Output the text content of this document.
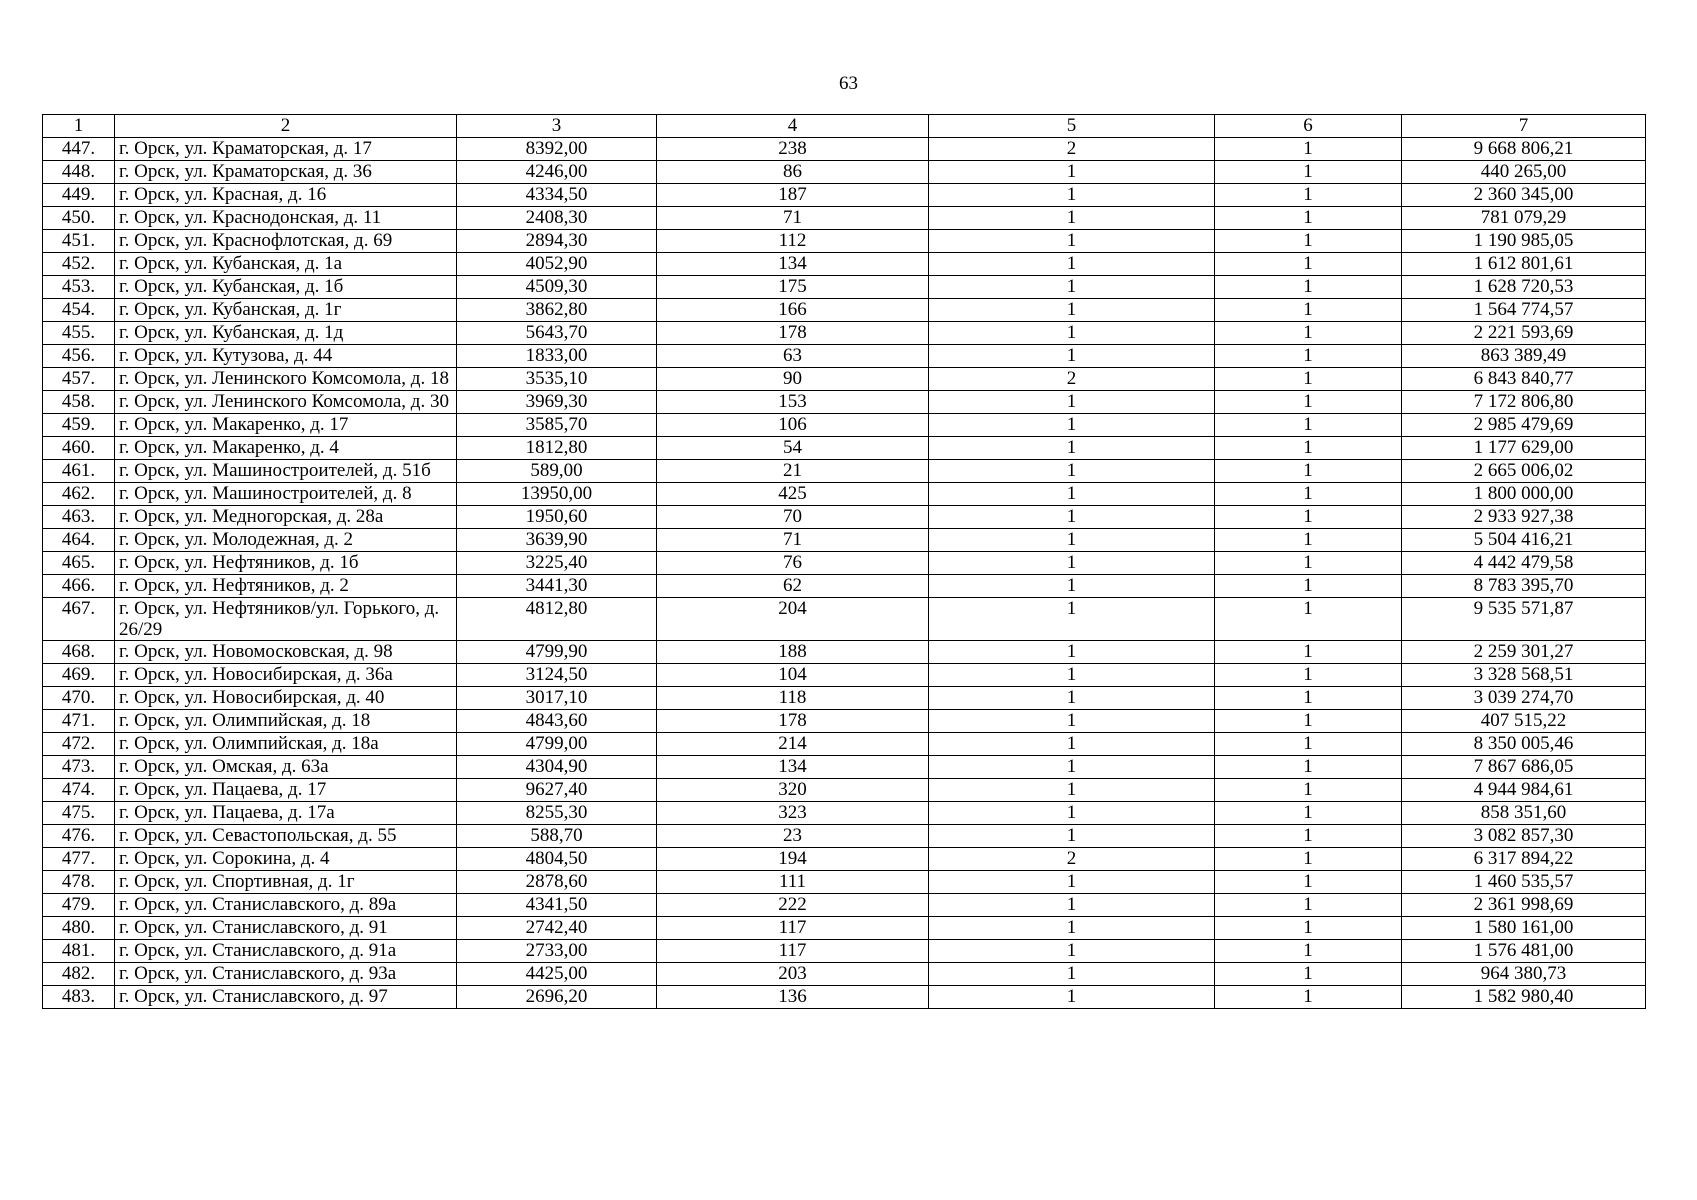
63
1	2	3	4	5	6	7
447.	г. Орск, ул. Краматорская, д. 17	8392,00	238	2	1	9 668 806,21
448.	г. Орск, ул. Краматорская, д. 36	4246,00	86	1	1	440 265,00
449.	г. Орск, ул. Красная, д. 16	4334,50	187	1	1	2 360 345,00
450.	г. Орск, ул. Краснодонская, д. 11	2408,30	71	1	1	781 079,29
451.	г. Орск, ул. Краснофлотская, д. 69	2894,30	112	1	1	1 190 985,05
452.	г. Орск, ул. Кубанская, д. 1а	4052,90	134	1	1	1 612 801,61
453.	г. Орск, ул. Кубанская, д. 1б	4509,30	175	1	1	1 628 720,53
454.	г. Орск, ул. Кубанская, д. 1г	3862,80	166	1	1	1 564 774,57
455.	г. Орск, ул. Кубанская, д. 1д	5643,70	178	1	1	2 221 593,69
456.	г. Орск, ул. Кутузова, д. 44	1833,00	63	1	1	863 389,49
457.	г. Орск, ул. Ленинского Комсомола, д. 18	3535,10	90	2	1	6 843 840,77
458.	г. Орск, ул. Ленинского Комсомола, д. 30	3969,30	153	1	1	7 172 806,80
459.	г. Орск, ул. Макаренко, д. 17	3585,70	106	1	1	2 985 479,69
460.	г. Орск, ул. Макаренко, д. 4	1812,80	54	1	1	1 177 629,00
461.	г. Орск, ул. Машиностроителей, д. 51б	589,00	21	1	1	2 665 006,02
462.	г. Орск, ул. Машиностроителей, д. 8	13950,00	425	1	1	1 800 000,00
463.	г. Орск, ул. Медногорская, д. 28а	1950,60	70	1	1	2 933 927,38
464.	г. Орск, ул. Молодежная, д. 2	3639,90	71	1	1	5 504 416,21
465.	г. Орск, ул. Нефтяников, д. 1б	3225,40	76	1	1	4 442 479,58
466.	г. Орск, ул. Нефтяников, д. 2	3441,30	62	1	1	8 783 395,70
467.	г. Орск, ул. Нефтяников/ул. Горького, д. 26/29	4812,80	204	1	1	9 535 571,87
468.	г. Орск, ул. Новомосковская, д. 98	4799,90	188	1	1	2 259 301,27
469.	г. Орск, ул. Новосибирская, д. 36а	3124,50	104	1	1	3 328 568,51
470.	г. Орск, ул. Новосибирская, д. 40	3017,10	118	1	1	3 039 274,70
471.	г. Орск, ул. Олимпийская, д. 18	4843,60	178	1	1	407 515,22
472.	г. Орск, ул. Олимпийская, д. 18а	4799,00	214	1	1	8 350 005,46
473.	г. Орск, ул. Омская, д. 63а	4304,90	134	1	1	7 867 686,05
474.	г. Орск, ул. Пацаева, д. 17	9627,40	320	1	1	4 944 984,61
475.	г. Орск, ул. Пацаева, д. 17а	8255,30	323	1	1	858 351,60
476.	г. Орск, ул. Севастопольская, д. 55	588,70	23	1	1	3 082 857,30
477.	г. Орск, ул. Сорокина, д. 4	4804,50	194	2	1	6 317 894,22
478.	г. Орск, ул. Спортивная, д. 1г	2878,60	111	1	1	1 460 535,57
479.	г. Орск, ул. Станиславского, д. 89а	4341,50	222	1	1	2 361 998,69
480.	г. Орск, ул. Станиславского, д. 91	2742,40	117	1	1	1 580 161,00
481.	г. Орск, ул. Станиславского, д. 91а	2733,00	117	1	1	1 576 481,00
482.	г. Орск, ул. Станиславского, д. 93а	4425,00	203	1	1	964 380,73
483.	г. Орск, ул. Станиславского, д. 97	2696,20	136	1	1	1 582 980,40
